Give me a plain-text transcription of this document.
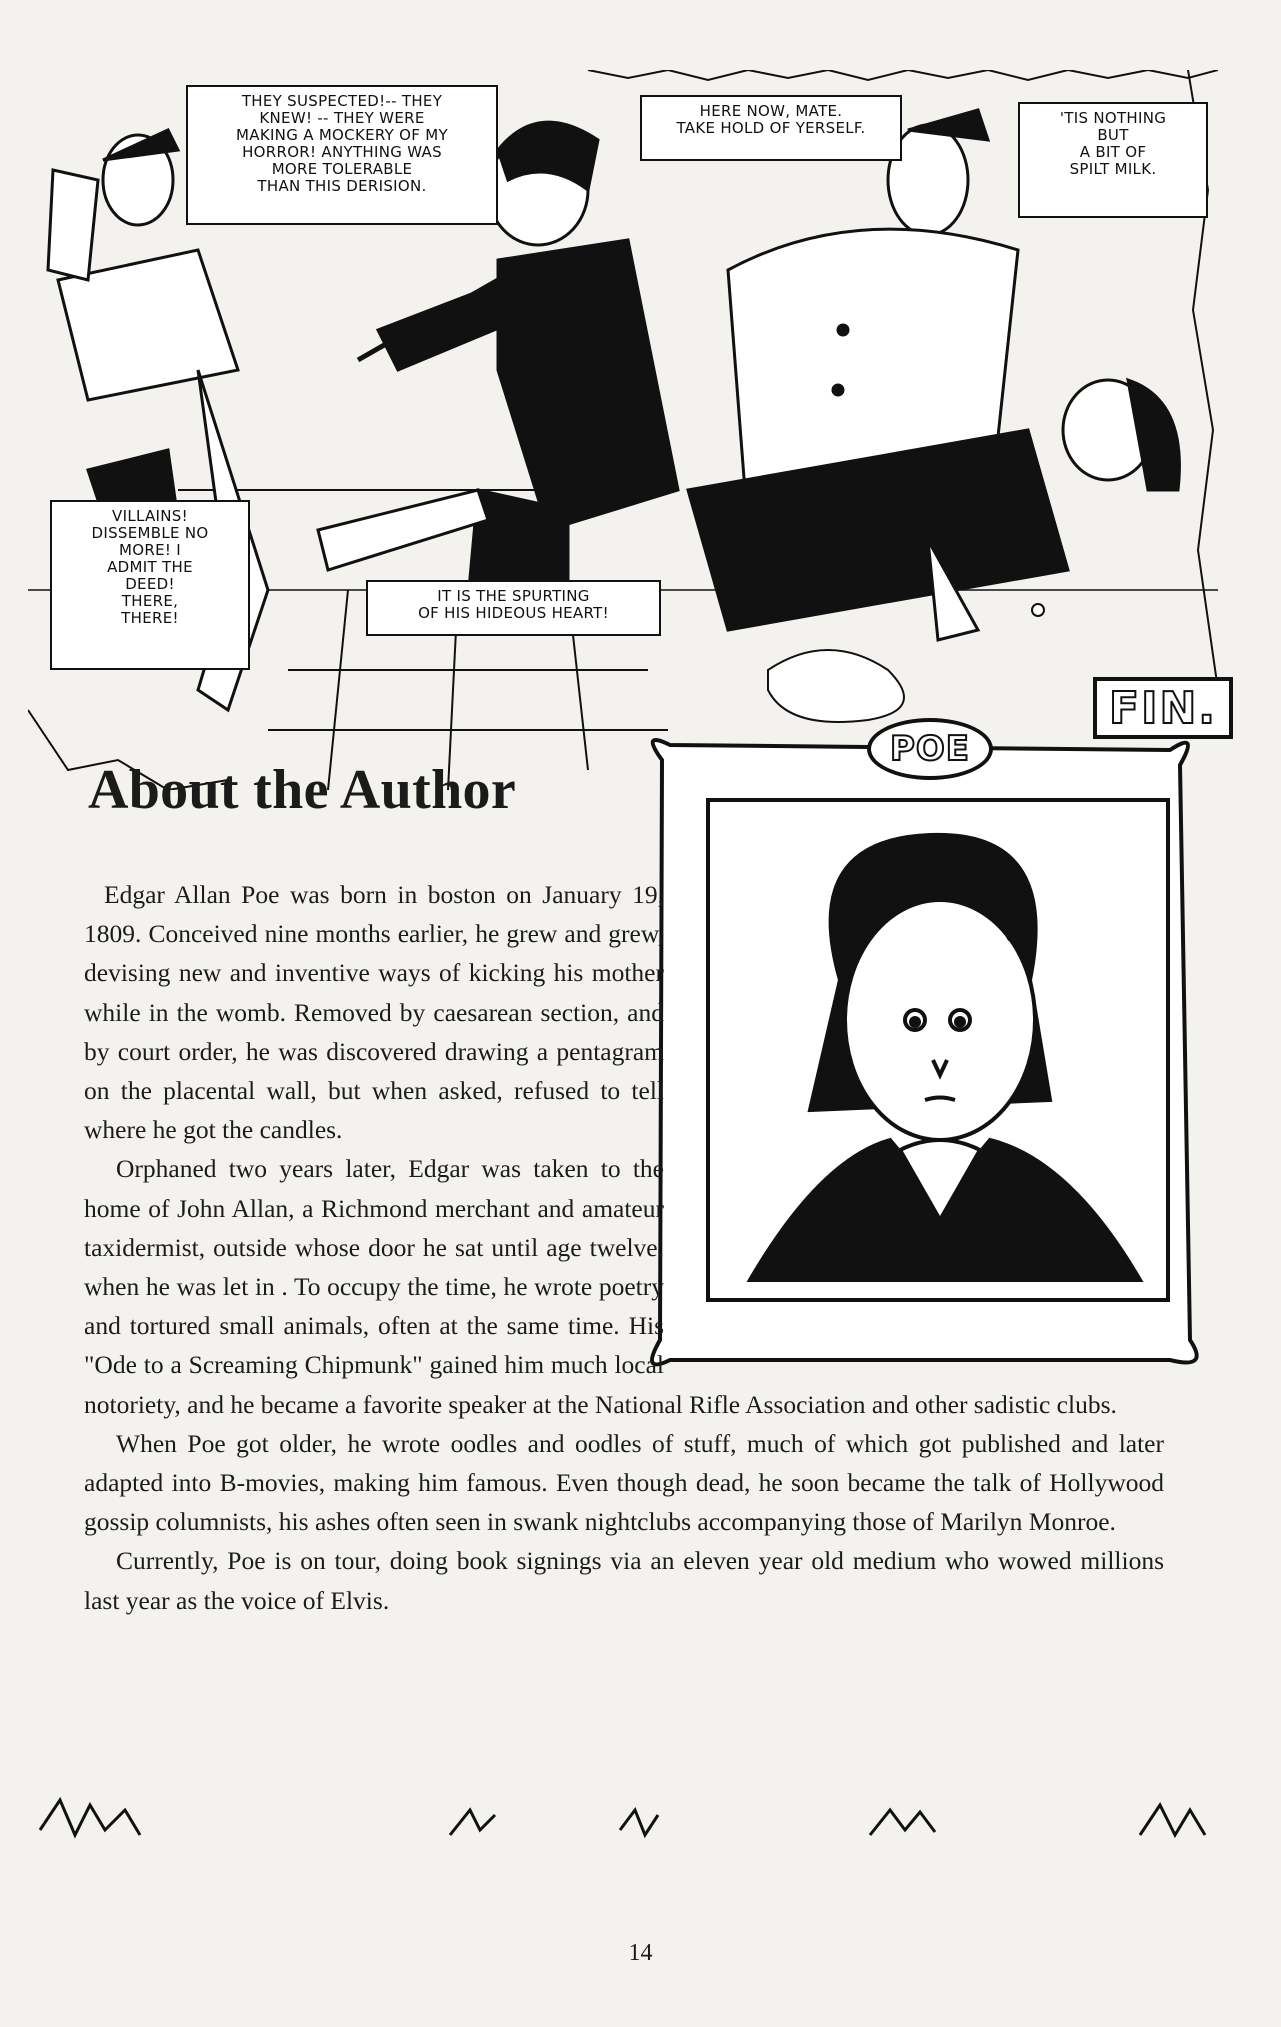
THEY SUSPECTED!-- THEY
KNEW! -- THEY WERE
MAKING A MOCKERY OF MY
HORROR! ANYTHING WAS
MORE TOLERABLE
THAN THIS DERISION.
HERE NOW, MATE.
TAKE HOLD OF YERSELF.
'TIS NOTHING
BUT
A BIT OF
SPILT MILK.
VILLAINS!
DISSEMBLE NO
MORE! I
ADMIT THE
DEED!
THERE,
THERE!
IT IS THE SPURTING
OF HIS HIDEOUS HEART!
FIN.
POE
About the Author

Edgar Allan Poe was born in boston on January 19, 1809. Conceived nine months earlier, he grew and grew, devising new and inventive ways of kicking his mother while in the womb. Removed by caesarean section, and by court order, he was discovered drawing a pentagram on the placental wall, but when asked, refused to tell where he got the candles.

Orphaned two years later, Edgar was taken to the home of John Allan, a Richmond merchant and amateur taxidermist, outside whose door he sat until age twelve, when he was let in . To occupy the time, he wrote poetry and tortured small animals, often at the same time. His "Ode to a Screaming Chipmunk" gained him much local notoriety, and he became a favorite speaker at the National Rifle Association and other sadistic clubs.

When Poe got older, he wrote oodles and oodles of stuff, much of which got published and later adapted into B-movies, making him famous. Even though dead, he soon became the talk of Hollywood gossip columnists, his ashes often seen in swank nightclubs accompanying those of Marilyn Monroe.

Currently, Poe is on tour, doing book signings via an eleven year old medium who wowed millions last year as the voice of Elvis.

14
